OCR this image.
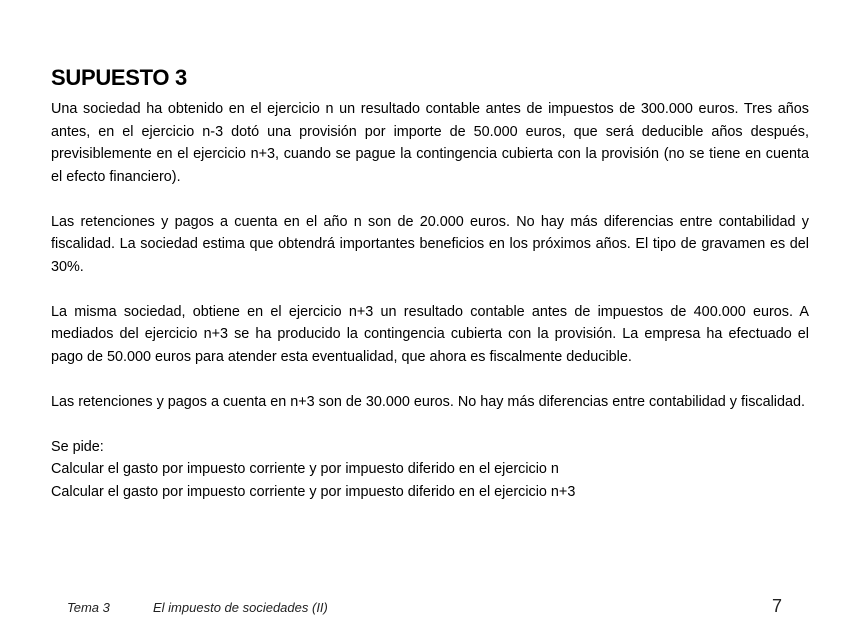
SUPUESTO 3

Una sociedad ha obtenido en el ejercicio n un resultado contable antes de impuestos de 300.000 euros. Tres años antes, en el ejercicio n-3 dotó una provisión por importe de 50.000 euros, que será deducible años después, previsiblemente en el ejercicio n+3, cuando se pague la contingencia cubierta con la provisión (no se tiene en cuenta el efecto financiero).

Las retenciones y pagos a cuenta en el año n son de 20.000 euros. No hay más diferencias entre contabilidad y fiscalidad. La sociedad estima que obtendrá importantes beneficios en los próximos años. El tipo de gravamen es del 30%.

La misma sociedad, obtiene en el ejercicio n+3 un resultado contable antes de impuestos de 400.000 euros. A mediados del ejercicio n+3 se ha producido la contingencia cubierta con la provisión. La empresa ha efectuado el pago de 50.000 euros para atender esta eventualidad, que ahora es fiscalmente deducible.

Las retenciones y pagos a cuenta en n+3 son de 30.000 euros. No hay más diferencias entre contabilidad y fiscalidad.

Se pide:

Calcular el gasto por impuesto corriente y por impuesto diferido en el ejercicio n

Calcular el gasto por impuesto corriente y por impuesto diferido en el ejercicio n+3

Tema 3	El impuesto de sociedades (II)	7
